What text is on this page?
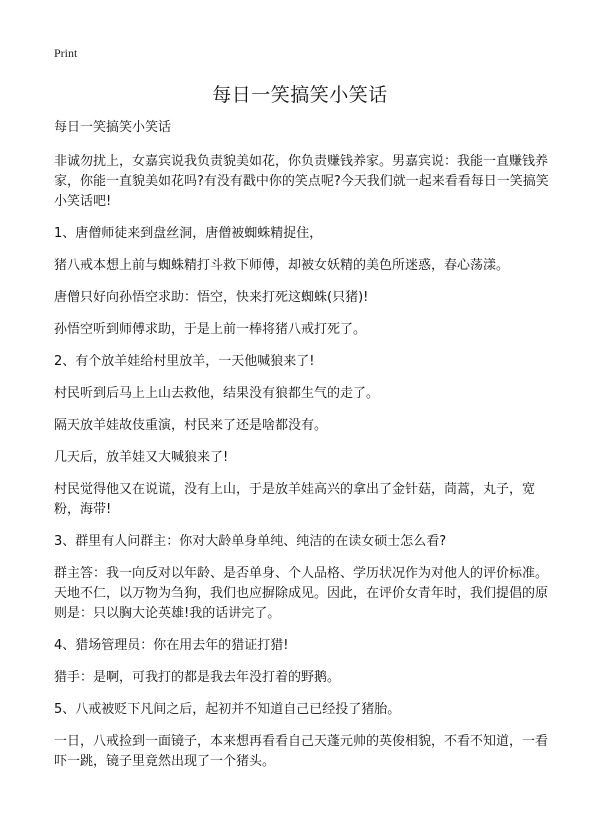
Print
每日一笑搞笑小笑话

每日一笑搞笑小笑话

非诚勿扰上，女嘉宾说我负责貌美如花，你负责赚钱养家。男嘉宾说：我能一直赚钱养家，你能一直貌美如花吗?有没有戳中你的笑点呢?今天我们就一起来看看每日一笑搞笑小笑话吧!

1、唐僧师徒来到盘丝洞，唐僧被蜘蛛精捉住，

猪八戒本想上前与蜘蛛精打斗救下师傅，却被女妖精的美色所迷惑，春心荡漾。

唐僧只好向孙悟空求助：悟空，快来打死这蜘蛛(只猪)!

孙悟空听到师傅求助，于是上前一棒将猪八戒打死了。

2、有个放羊娃给村里放羊，一天他喊狼来了!

村民听到后马上上山去救他，结果没有狼都生气的走了。

隔天放羊娃故伎重演，村民来了还是啥都没有。

几天后，放羊娃又大喊狼来了!

村民觉得他又在说谎，没有上山，于是放羊娃高兴的拿出了金针菇，茼蒿，丸子，宽粉，海带!

3、群里有人问群主：你对大龄单身单纯、纯洁的在读女硕士怎么看?

群主答：我一向反对以年龄、是否单身、个人品格、学历状况作为对他人的评价标准。天地不仁，以万物为刍狗，我们也应摒除成见。因此，在评价女青年时，我们提倡的原则是：只以胸大论英雄!我的话讲完了。

4、猎场管理员：你在用去年的猎证打猎!

猎手：是啊，可我打的都是我去年没打着的野鹅。

5、八戒被贬下凡间之后，起初并不知道自己已经投了猪胎。

一日，八戒捡到一面镜子，本来想再看看自己天蓬元帅的英俊相貌，不看不知道，一看吓一跳，镜子里竟然出现了一个猪头。
